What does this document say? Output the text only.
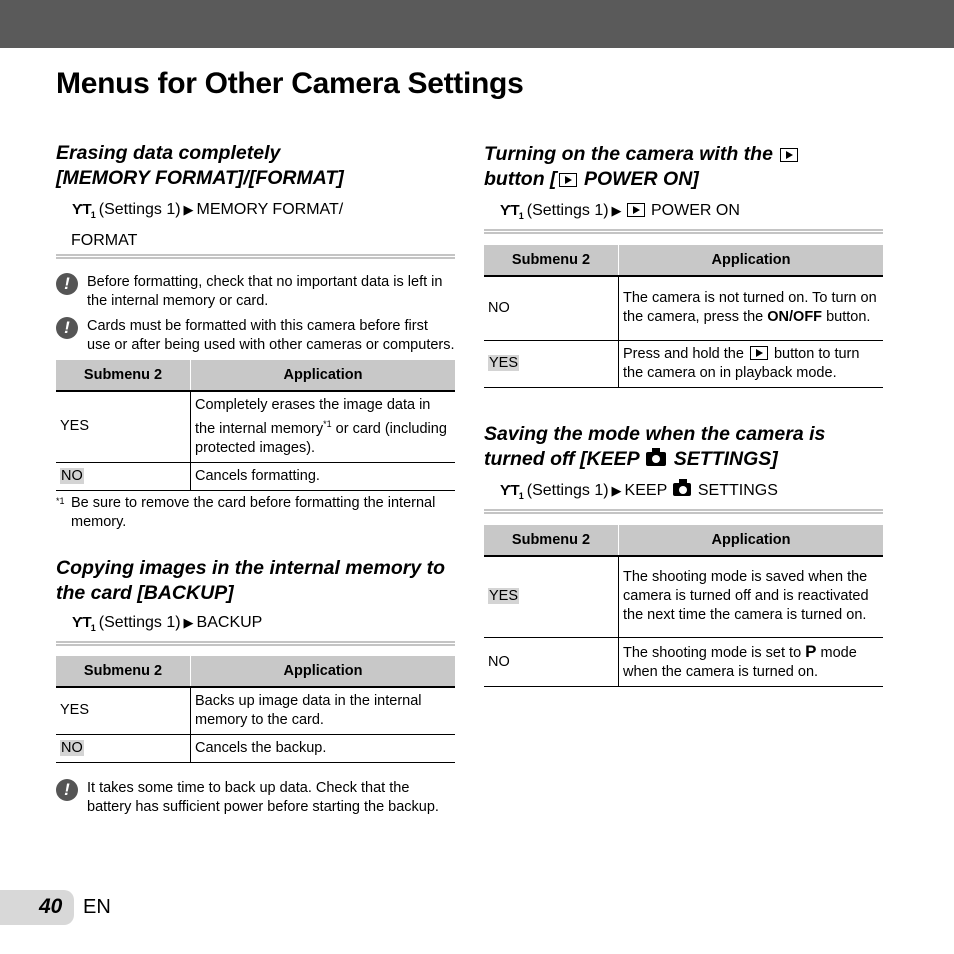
Menus for Other Camera Settings
Erasing data completely
[MEMORY FORMAT]/[FORMAT]

$ƳT_1$ (Settings 1) ▶ MEMORY FORMAT/
FORMAT

!	Before formatting, check that no important data is left in the internal memory or card.

!	Cards must be formatted with this camera before first use or after being used with other cameras or computers.

Submenu 2	Application
YES	Completely erases the image data in the internal memory$^{*1}$ or card (including protected images).
NO	Cancels formatting.

*1 Be sure to remove the card before formatting the internal memory.

Copying images in the internal memory to the card [BACKUP]

$ƳT_1$ (Settings 1) ▶ BACKUP

Submenu 2	Application
YES	Backs up image data in the internal memory to the card.
NO	Cancels the backup.

!	It takes some time to back up data. Check that the battery has sufficient power before starting the backup.

Turning on the camera with the
button [ POWER ON]

$ƳT_1$ (Settings 1) ▶ POWER ON

Submenu 2	Application
NO	The camera is not turned on. To turn on the camera, press the ON/OFF button.
YES	Press and hold the  button to turn the camera on in playback mode.
Saving the mode when the camera is turned off [KEEP  SETTINGS]

$ƳT_1$ (Settings 1) ▶ KEEP SETTINGS

Submenu 2	Application
YES	The shooting mode is saved when the camera is turned off and is reactivated the next time the camera is turned on.
NO	The shooting mode is set to P mode when the camera is turned on.
40 EN
